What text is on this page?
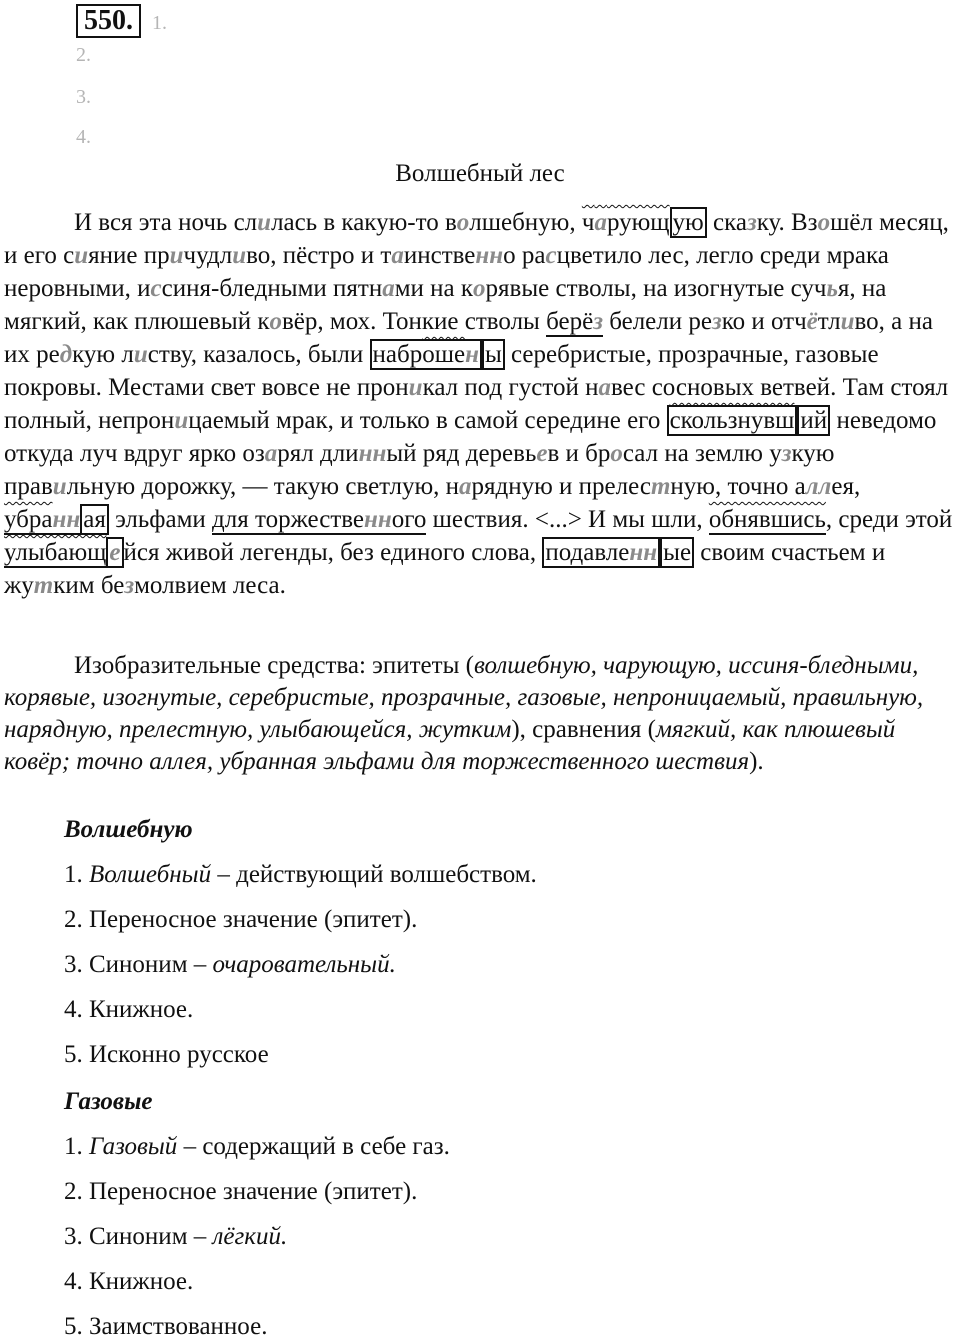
550. 1.
2.
3.
4.
Волшебный лес

И вся эта ночь слилась в какую-то волшебную, чарующ ую сказку. Взошёл месяц, и его сияние причудливо, пёстро и таинственно расцветило лес, легло среди мрака неровными, иссиня-бледными пятнами на корявые стволы, на изогнутые сучья, на мягкий, как плюшевый ковёр, мох. Тонкие стволы берёз белели резко и отчётливо, а на их редкую листву, казалось, были наброшен ы серебристые, прозрачные, газовые покровы. Местами свет вовсе не проникал под густой навес сосновых ветвей. Там стоял полный, непроницаемый мрак, и только в самой середине его скользнувш ий неведомо откуда луч вдруг ярко озарял длинный ряд деревьев и бросал на землю узкую правильную дорожку, — такую светлую, нарядную и прелестную, точно аллея, убранн ая эльфами для торжественного шествия. <...> И мы шли, обнявшись, среди этой улыбающ е йся живой легенды, без единого слова, подавленн ые своим счастьем и жутким безмолвием леса.

Изобразительные средства: эпитеты (волшебную, чарующую, иссиня-бледными, корявые, изогнутые, серебристые, прозрачные, газовые, непроницаемый, правильную, нарядную, прелестную, улыбающейся, жутким), сравнения (мягкий, как плюшевый ковёр; точно аллея, убранная эльфами для торжественного шествия).

Волшебную
1. Волшебный – действующий волшебством.
2. Переносное значение (эпитет).
3. Синоним – очаровательный.
4. Книжное.
5. Исконно русское
Газовые
1. Газовый – содержащий в себе газ.
2. Переносное значение (эпитет).
3. Синоним – лёгкий.
4. Книжное.
5. Заимствованное.
